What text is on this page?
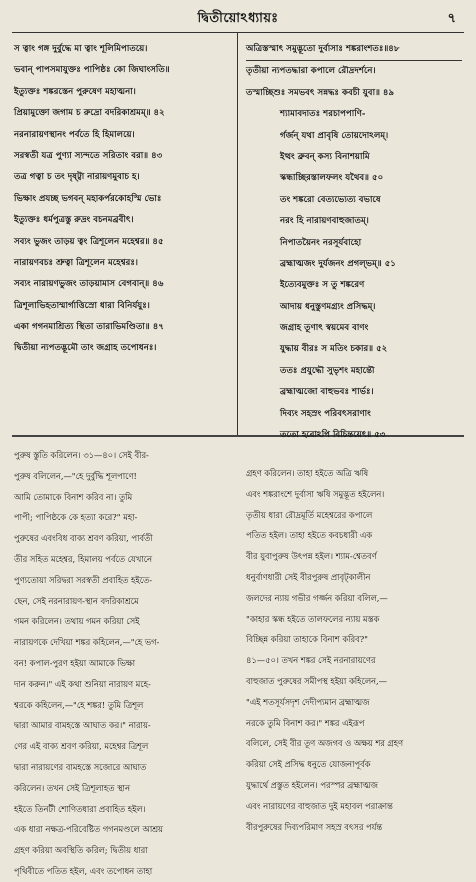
দ্বিতীয়োঽধ্যায়ঃ	৭
স ত্বাং গঙ্গ দুর্বুদ্ধে মা ত্বাং শূলিমিপাতয়ে।
ভবান্ পাপসমাযুক্তঃ পাপিষ্ঠঃ কো জিঘাংসতি॥
ইত্যুক্তঃ শঙ্করস্তেন পুরুষেণ মহাত্মনা।
প্রিয়ামুক্তো জগাম চ রুদ্রো বদরিকাশ্রমম্॥ ৪২
নরনারায়ণস্থানং পর্বতে হি হিমালয়ে।
সরস্বতী যত্র পুণ্যা স্যন্দতে সরিতাং বরা॥ ৪৩
তত্র গত্বা চ তং দৃষ্ট্বা নারায়ণমুবাচ হ।
ভিক্ষাং প্রযচ্ছ ভগবন্ মহাকর্পরকোহস্মি ভোঃ
ইত্যুক্তঃ ধর্মপুত্রস্তু রুদ্রং বচনমব্রবীৎ।
সব্যং ভুজং তাড়য় ত্বং ত্রিশূলেন মহেশ্বর॥ ৪৫
নারায়ণবচঃ শ্রুত্বা ত্রিশূলেন মহেশ্বরঃ।
সব্যং নারায়ণভুজং তাড়য়ামাস বেগবান্॥ ৪৬
ত্রিশূলাভিহতাম্মার্গাত্তিস্রো ধারা বিনির্যযুঃ।
একা গগনমাশ্রিত্য স্থিতা তারাভিমণ্ডিতা॥ ৪৭
দ্বিতীয়া ন্যপতদ্ভূমৌ তাং জগ্রাহ তপোধনঃ।
অত্রিস্তস্মাৎ সমুদ্ভূতো দুর্বাসাঃ শঙ্করাংশতঃ॥৪৮
তৃতীয়া ন্যপতদ্ধারা কপালে রৌদ্রদর্শনে।
তস্মাচ্ছিশুঃ সমভবৎ সন্নদ্ধঃ কবচী যুবা॥ ৪৯
শ্যামাবদাতঃ শরচাপপাণি-
র্গর্জন্ যথা প্রাবৃষি তোয়দোঽলম্।
ইত্থং ব্রুবন্ কস্য বিনাশয়ামি
স্কন্ধাচ্ছিরস্তালফলং যথৈব॥ ৫০
তং শঙ্করো বেত্যভ্যেত্য বভাষে
নরং হি নারায়ণবাহুজাতম্।
নিপাতয়ৈনং নরসূর্যবাহো
ব্রহ্মাত্মজং দুর্যজনং প্রগল্ভম্॥ ৫১
ইত্যেবমুক্তঃ স তু শঙ্করেণ
আদায় ধনুস্তুণমগ্র্যং প্রসিদ্ধম্।
জগ্রাহ তূণাৎ স্বয়মেব বাণং
যুদ্ধায় বীরঃ স মতিং চকার॥ ৫২
ততঃ প্রযুদ্ধৌ সুভৃশং মহান্তৌ
ব্রহ্মাত্মজো বাহুভবঃ শার্ভঃ।
দিব্যং সহস্রং পরিবৎসরাণাং
ততো হরোঽপি বিচিন্তয়েৎ॥ ৫৩
পুরুষ স্তুতি করিলেন। ৩১—৪০। সেই বীর-
পুরুষ বলিলেন,—"হে দুর্বুদ্ধি শূলপাণে!
আমি তোমাকে বিনাশ করিব না। তুমি
পাপী; পাপিষ্ঠকে কে হত্যা করে?" মহা-
পুরুষের এবংবিধ বাক্য শ্রবণ করিয়া, পার্বতী
তীর সহিত মহেশ্বর, হিমালয় পর্বতে যেখানে
পুণ্যতোয়া সরিদ্বরা সরস্বতী প্রবাহিত হইতে-
ছেন, সেই নরনারায়ণ-স্থান বদরিকাশ্রমে
গমন করিলেন। তথায় গমন করিয়া সেই
নারায়ণকে দেখিয়া শঙ্কর কহিলেন,—"হে ভগ-
বন! কপাল-পুরণ হইয়া আমাকে ভিক্ষা
দান করুন।" এই কথা শুনিয়া নারায়ণ মহে-
শ্বরকে কহিলেন,—"হে শঙ্কর! তুমি ত্রিশূল
দ্বারা আমার বামহস্তে আঘাত কর।" নারায়-
ণের এই বাক্য শ্রবণ করিয়া, মহেশ্বর ত্রিশূল
দ্বারা নারায়ণের বামহস্তে সজোরে আঘাত
করিলেন। তখন সেই ত্রিশূলাহত স্থান
হইতে তিনটী শোণিতধারা প্রবাহিত হইল।
এক ধারা নক্ষত্র-পরিবেষ্টিত গগনমণ্ডলে আশ্রয়
গ্রহণ করিয়া অবস্থিতি করিল; দ্বিতীয় ধারা
পৃথিবীতে পতিত হইল, এবং তপোধন তাহা
গ্রহণ করিলেন। তাহা হইতে অত্রি ঋষি
এবং শঙ্করাংশে দুর্বাসা ঋষি সমুদ্ভূত হইলেন।
তৃতীয় ধারা রৌদ্রমূর্তি মহেশ্বরের কপালে
পতিত হইল। তাহা হইতে কবচধারী এক
বীর যুবাপুরুষ উৎপন্ন হইল। শ্যাম-শ্বেতবর্ণ
ধনুর্বাণধারী সেই বীরপুরুষ প্রাবৃট্কালীন
জলদের ন্যায় গভীর গর্জ্জন করিয়া বলিল,—
"কাহার স্কন্ধ হইতে তালফলের ন্যায় মস্তক
বিচ্ছিন্ন করিয়া তাহাকে বিনাশ করিব?"
৪১—৫০। তখন শঙ্কর সেই নরনারায়ণের
বাহুজাত পুরুষের সমীপস্থ হইয়া কহিলেন,—
"এই শতসূর্যসদৃশ দেদীপ্যমান ব্রহ্মাত্মজ
নরকে তুমি বিনাশ কর।" শঙ্কর এইরূপ
বলিলে, সেই বীর তূণ অজগব ও অক্ষয় শর গ্রহণ
করিয়া সেই প্রসিদ্ধ ধনুতে যোজনাপূর্বক
যুদ্ধার্থে প্রস্তুত হইলেন। পরস্পর ব্রহ্মাত্মজ
এবং নারায়ণের বাহুজাত দুই মহাবল পরাক্রান্ত
বীরপুরুষের দিব্যপরিমাণ সহস্র বৎসর পর্যন্ত
